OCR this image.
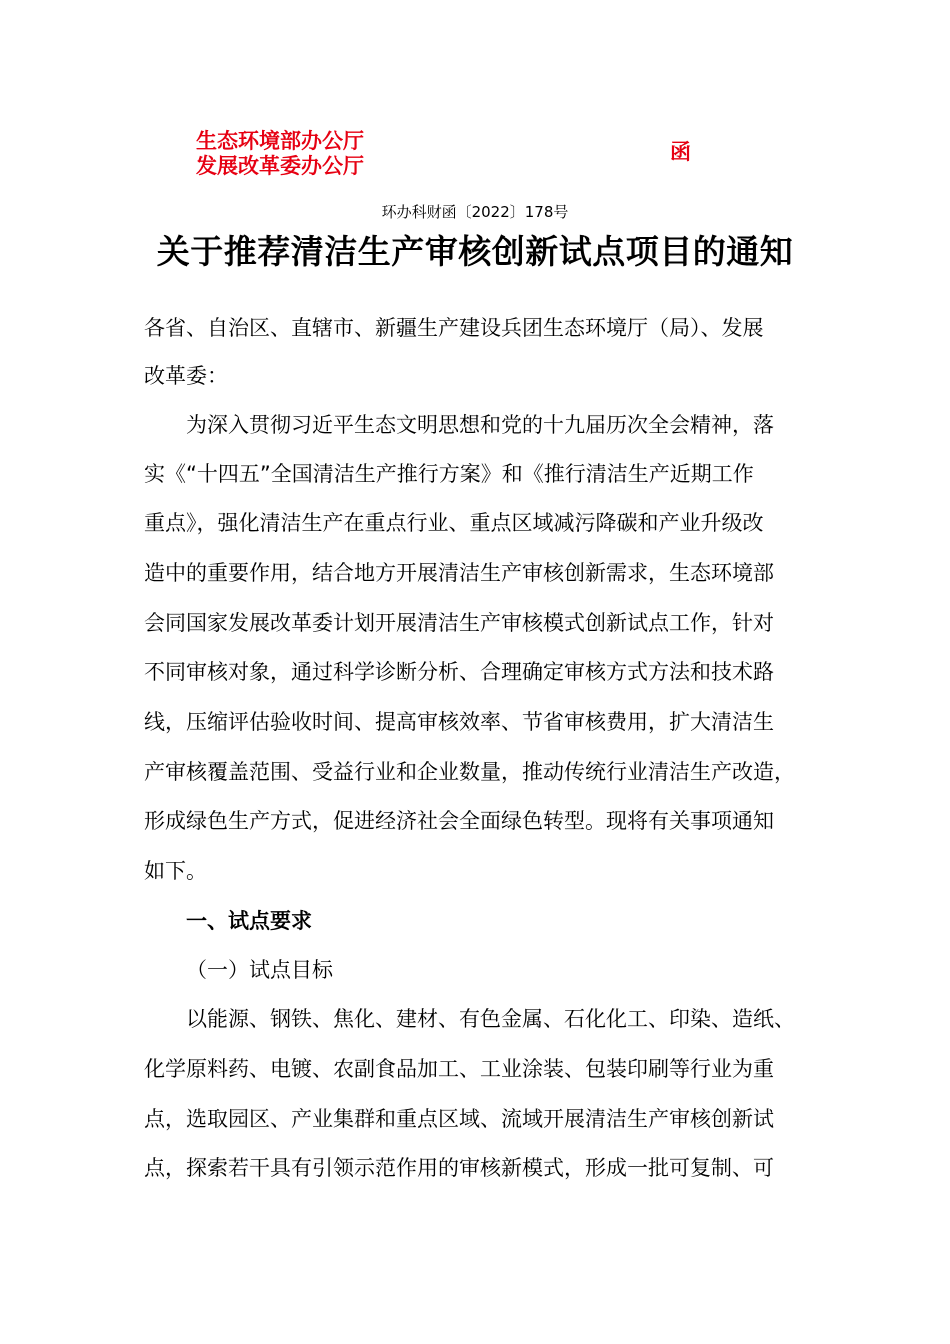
生态环境部办公厅
发展改革委办公厅
函
环办科财函〔2022〕178号
关于推荐清洁生产审核创新试点项目的通知
各省、自治区、直辖市、新疆生产建设兵团生态环境厅（局）、发展
改革委：
为深入贯彻习近平生态文明思想和党的十九届历次全会精神，落
实《“十四五”全国清洁生产推行方案》和《推行清洁生产近期工作
重点》，强化清洁生产在重点行业、重点区域减污降碳和产业升级改
造中的重要作用，结合地方开展清洁生产审核创新需求，生态环境部
会同国家发展改革委计划开展清洁生产审核模式创新试点工作，针对
不同审核对象，通过科学诊断分析、合理确定审核方式方法和技术路
线，压缩评估验收时间、提高审核效率、节省审核费用，扩大清洁生
产审核覆盖范围、受益行业和企业数量，推动传统行业清洁生产改造，
形成绿色生产方式，促进经济社会全面绿色转型。现将有关事项通知
如下。
一、试点要求
（一）试点目标
以能源、钢铁、焦化、建材、有色金属、石化化工、印染、造纸、
化学原料药、电镀、农副食品加工、工业涂装、包装印刷等行业为重
点，选取园区、产业集群和重点区域、流域开展清洁生产审核创新试
点，探索若干具有引领示范作用的审核新模式，形成一批可复制、可
